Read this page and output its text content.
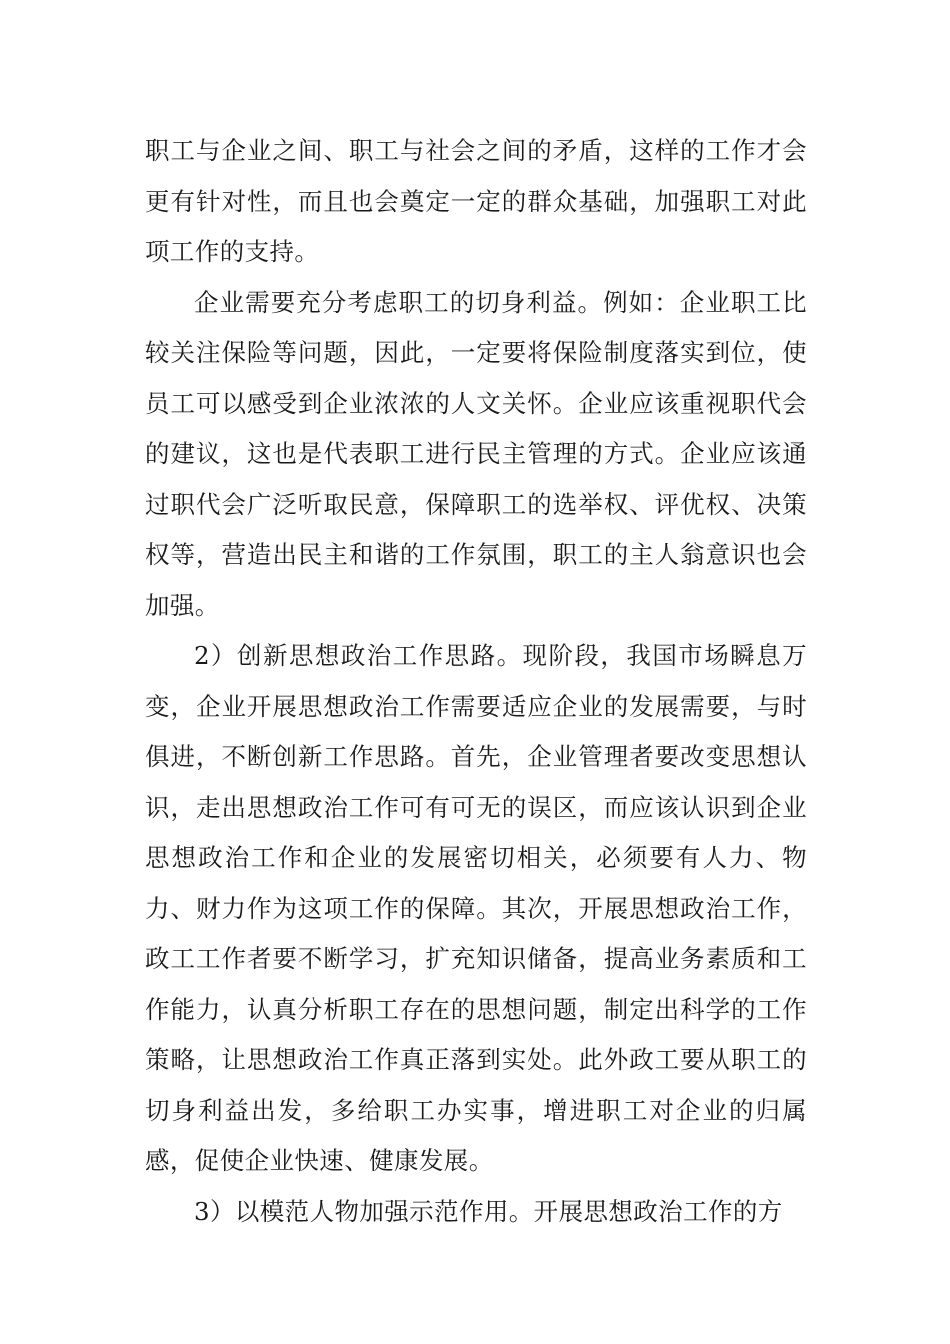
职工与企业之间、职工与社会之间的矛盾，这样的工作才会更有针对性，而且也会奠定一定的群众基础，加强职工对此项工作的支持。

企业需要充分考虑职工的切身利益。例如：企业职工比较关注保险等问题，因此，一定要将保险制度落实到位，使员工可以感受到企业浓浓的人文关怀。企业应该重视职代会的建议，这也是代表职工进行民主管理的方式。企业应该通过职代会广泛听取民意，保障职工的选举权、评优权、决策权等，营造出民主和谐的工作氛围，职工的主人翁意识也会加强。

2）创新思想政治工作思路。现阶段，我国市场瞬息万变，企业开展思想政治工作需要适应企业的发展需要，与时俱进，不断创新工作思路。首先，企业管理者要改变思想认识，走出思想政治工作可有可无的误区，而应该认识到企业思想政治工作和企业的发展密切相关，必须要有人力、物力、财力作为这项工作的保障。其次，开展思想政治工作，政工工作者要不断学习，扩充知识储备，提高业务素质和工作能力，认真分析职工存在的思想问题，制定出科学的工作策略，让思想政治工作真正落到实处。此外政工要从职工的切身利益出发，多给职工办实事，增进职工对企业的归属感，促使企业快速、健康发展。

3）以模范人物加强示范作用。开展思想政治工作的方
